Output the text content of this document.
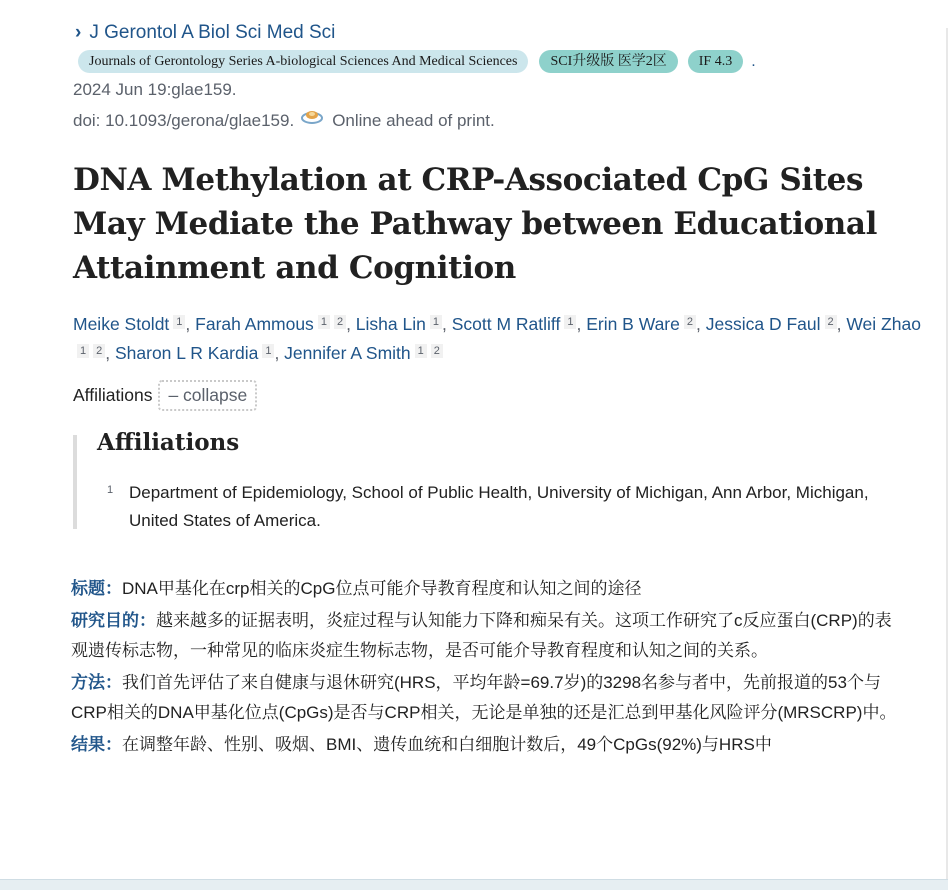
› J Gerontol A Biol Sci Med Sci
Journals of Gerontology Series A-biological Sciences And Medical Sciences	SCI升级版 医学2区	IF 4.3	.
2024 Jun 19:glae159.
doi: 10.1093/gerona/glae159. Online ahead of print.
DNA Methylation at CRP-Associated CpG Sites May Mediate the Pathway between Educational Attainment and Cognition
Meike Stoldt $^1$ , Farah Ammous $^1$ $^2$ , Lisha Lin $^1$ , Scott M Ratliff $^1$ , Erin B Ware $^2$ , Jessica D Faul $^2$ , Wei Zhao$^1$ $^2$ , Sharon L R Kardia $^1$ , Jennifer A Smith $^1$ $^2$
Affiliations – collapse
Affiliations
1 Department of Epidemiology, School of Public Health, University of Michigan, Ann Arbor, Michigan, United States of America.

标题：DNA甲基化在crp相关的CpG位点可能介导教育程度和认知之间的途径

研究目的：越来越多的证据表明，炎症过程与认知能力下降和痴呆有关。这项工作研究了c反应蛋白(CRP)的表观遗传标志物，一种常见的临床炎症生物标志物，是否可能介导教育程度和认知之间的关系。

方法：我们首先评估了来自健康与退休研究(HRS，平均年龄=69.7岁)的3298名参与者中，先前报道的53个与CRP相关的DNA甲基化位点(CpGs)是否与CRP相关，无论是单独的还是汇总到甲基化风险评分(MRSCRP)中。

结果：在调整年龄、性别、吸烟、BMI、遗传血统和白细胞计数后，49个CpGs(92%)与HRS中
